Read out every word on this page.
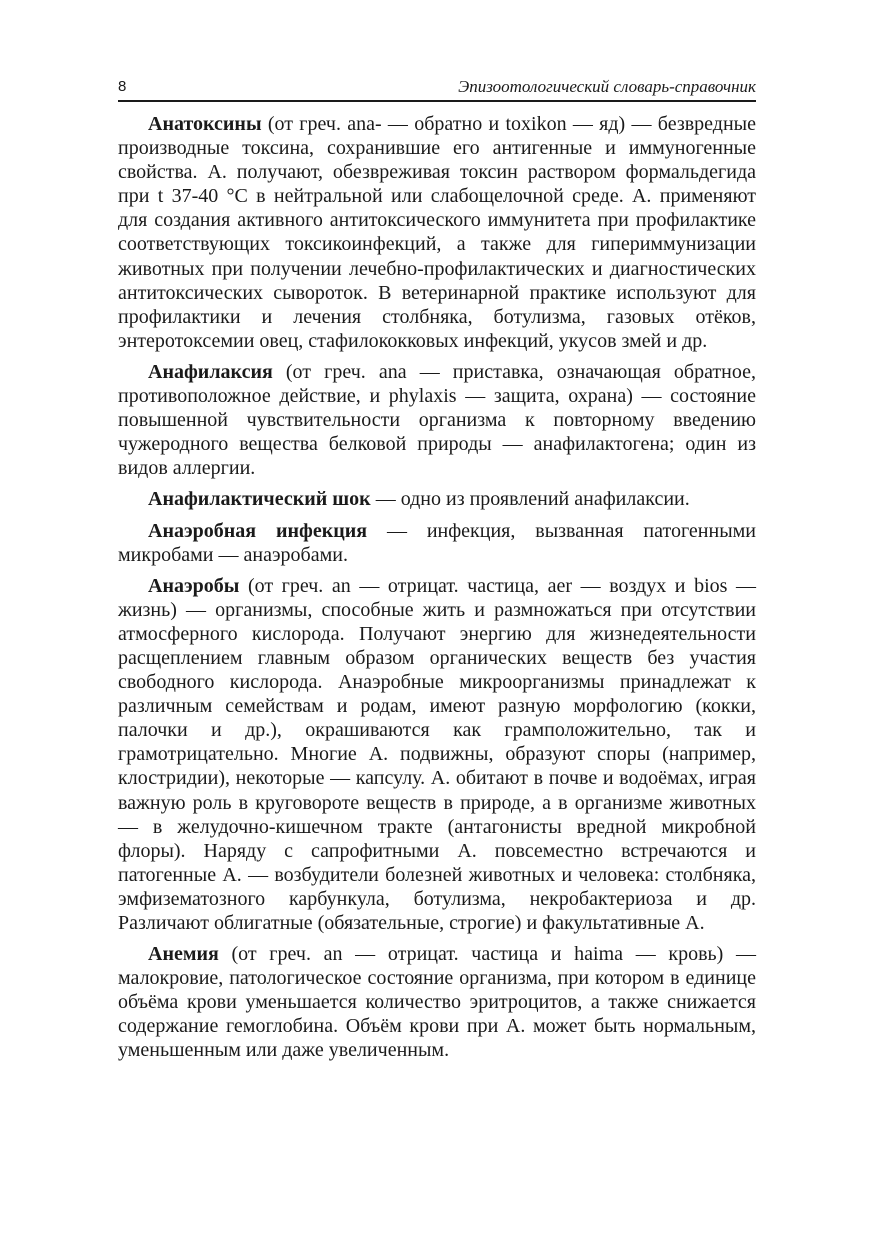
8	Эпизоотологический словарь-справочник

Анатоксины (от греч. ana- — обратно и toxikon — яд) — безвредные производные токсина, сохранившие его антигенные и иммуногенные свойства. А. получают, обезвреживая токсин раствором формальдегида при t 37-40 °С в нейтральной или слабощелочной среде. А. применяют для создания активного антитоксического иммунитета при профилактике соответствующих токсикоинфекций, а также для гипериммунизации животных при получении лечебно-профилактических и диагностических антитоксических сывороток. В ветеринарной практике используют для профилактики и лечения столбняка, ботулизма, газовых отёков, энтеротоксемии овец, стафилококковых инфекций, укусов змей и др.

Анафилаксия (от греч. ana — приставка, означающая обратное, противоположное действие, и phylaxis — защита, охрана) — состояние повышенной чувствительности организма к повторному введению чужеродного вещества белковой природы — анафилактогена; один из видов аллергии.

Анафилактический шок — одно из проявлений анафилаксии.

Анаэробная инфекция — инфекция, вызванная патогенными микробами — анаэробами.

Анаэробы (от греч. an — отрицат. частица, aer — воздух и bios — жизнь) — организмы, способные жить и размножаться при отсутствии атмосферного кислорода. Получают энергию для жизнедеятельности расщеплением главным образом органических веществ без участия свободного кислорода. Анаэробные микроорганизмы принадлежат к различным семействам и родам, имеют разную морфологию (кокки, палочки и др.), окрашиваются как грамположительно, так и грамотрицательно. Многие А. подвижны, образуют споры (например, клостридии), некоторые — капсулу. А. обитают в почве и водоёмах, играя важную роль в круговороте веществ в природе, а в организме животных — в желудочно-кишечном тракте (антагонисты вредной микробной флоры). Наряду с сапрофитными А. повсеместно встречаются и патогенные А. — возбудители болезней животных и человека: столбняка, эмфизематозного карбункула, ботулизма, некробактериоза и др. Различают облигатные (обязательные, строгие) и факультативные А.

Анемия (от греч. an — отрицат. частица и haima — кровь) — малокровие, патологическое состояние организма, при котором в единице объёма крови уменьшается количество эритроцитов, а также снижается содержание гемоглобина. Объём крови при А. может быть нормальным, уменьшенным или даже увеличенным.
